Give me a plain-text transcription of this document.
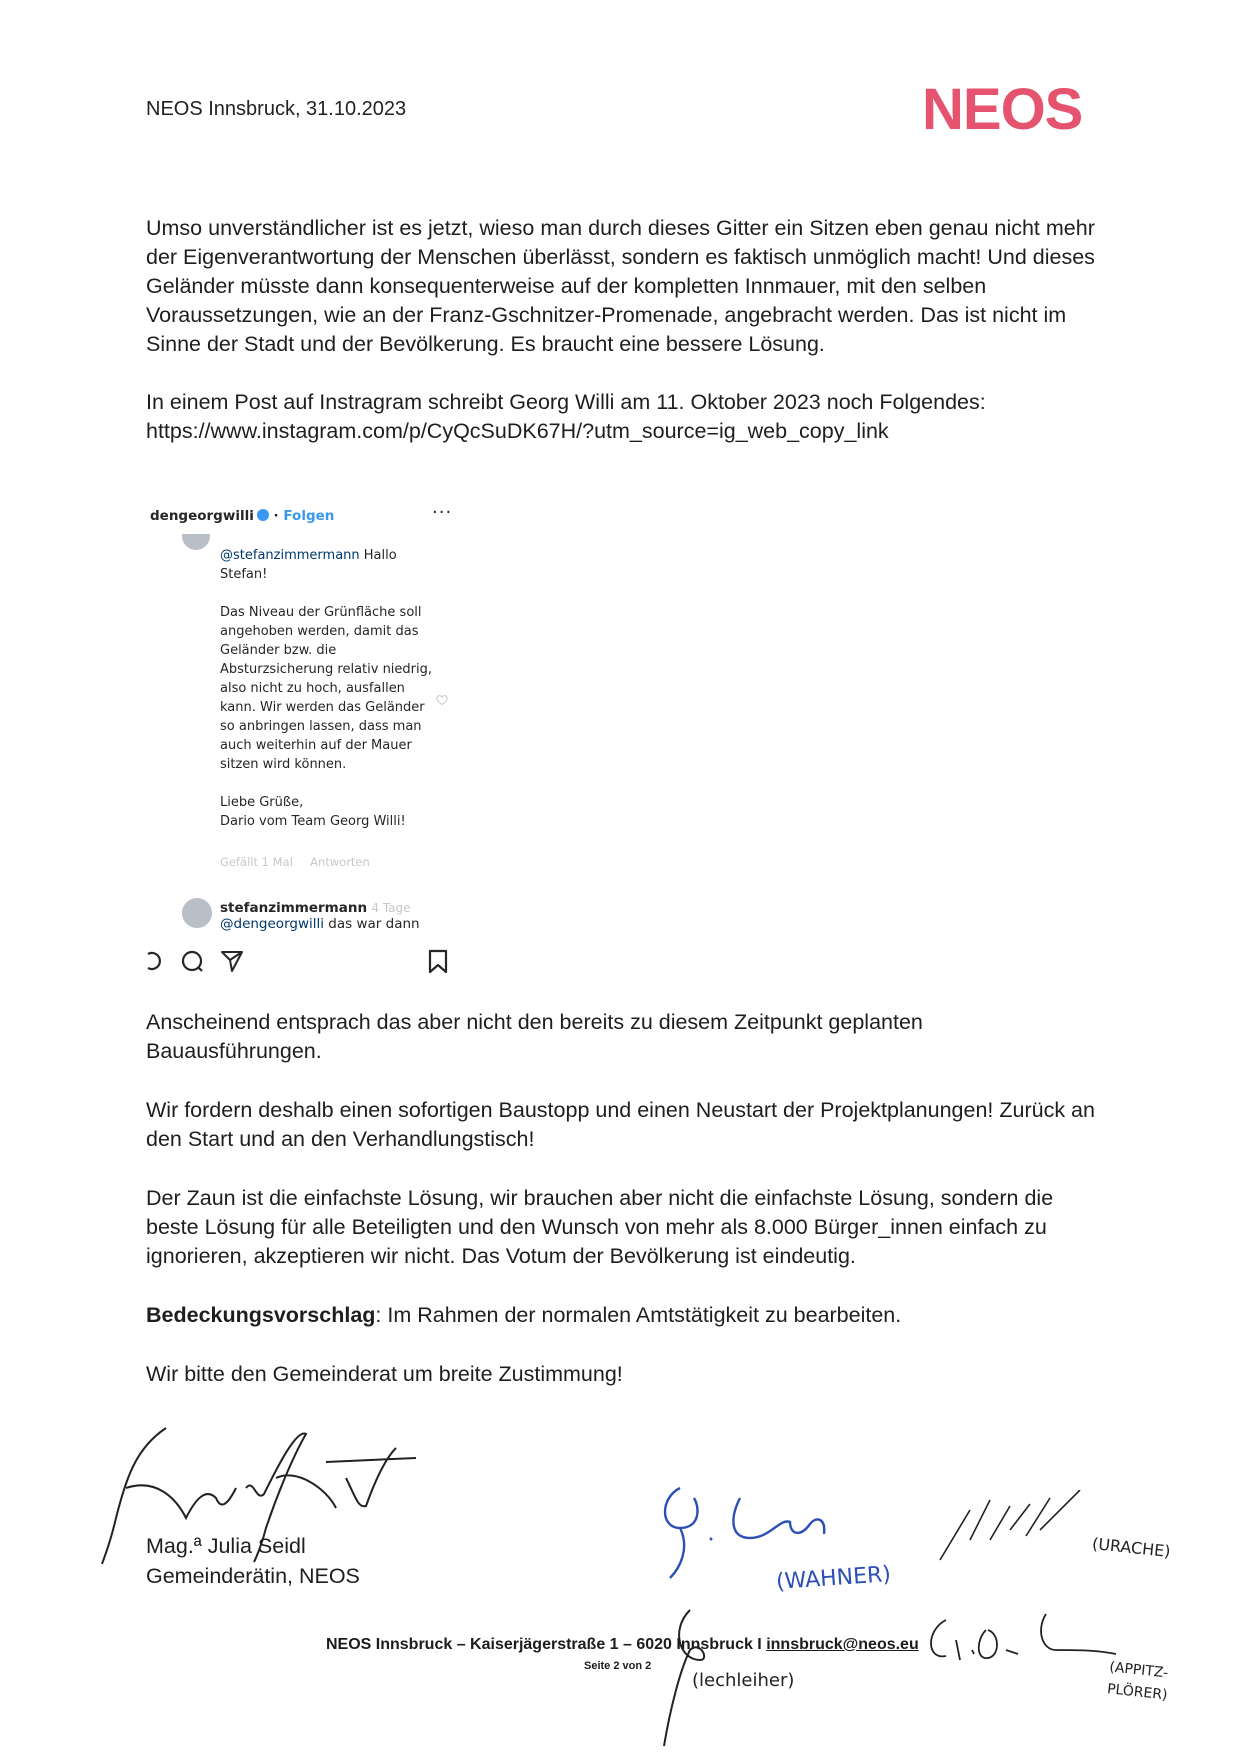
NEOS Innsbruck, 31.10.2023	NEOS

Umso unverständlicher ist es jetzt, wieso man durch dieses Gitter ein Sitzen eben genau nicht mehr der Eigenverantwortung der Menschen überlässt, sondern es faktisch unmöglich macht! Und dieses Geländer müsste dann konsequenterweise auf der kompletten Innmauer, mit den selben Voraussetzungen, wie an der Franz-Gschnitzer-Promenade, angebracht werden. Das ist nicht im Sinne der Stadt und der Bevölkerung. Es braucht eine bessere Lösung.

In einem Post auf Instragram schreibt Georg Willi am 11. Oktober 2023 noch Folgendes:
https://www.instagram.com/p/CyQcSuDK67H/?utm_source=ig_web_copy_link

dengeorgwilli · Folgen	···
@stefanzimmermann Hallo Stefan!
Das Niveau der Grünfläche soll angehoben werden, damit das Geländer bzw. die Absturzsicherung relativ niedrig, also nicht zu hoch, ausfallen kann. Wir werden das Geländer so anbringen lassen, dass man auch weiterhin auf der Mauer sitzen wird können.
Liebe Grüße,
Dario vom Team Georg Willi!
Gefällt 1 Mal Antworten
stefanzimmermann 4 Tage
@dengeorgwilli das war dann

Anscheinend entsprach das aber nicht den bereits zu diesem Zeitpunkt geplanten Bauausführungen.

Wir fordern deshalb einen sofortigen Baustopp und einen Neustart der Projektplanungen! Zurück an den Start und an den Verhandlungstisch!

Der Zaun ist die einfachste Lösung, wir brauchen aber nicht die einfachste Lösung, sondern die beste Lösung für alle Beteiligten und den Wunsch von mehr als 8.000 Bürger_innen einfach zu ignorieren, akzeptieren wir nicht. Das Votum der Bevölkerung ist eindeutig.

Bedeckungsvorschlag: Im Rahmen der normalen Amtstätigkeit zu bearbeiten.

Wir bitte den Gemeinderat um breite Zustimmung!

(WAHNER)
(URACHE)
(lechleiher)	(APPITZ-PLÖRER)
Mag.ª Julia Seidl
Gemeinderätin, NEOS
NEOS Innsbruck – Kaiserjägerstraße 1 – 6020 Innsbruck I innsbruck@neos.eu
Seite 2 von 2
